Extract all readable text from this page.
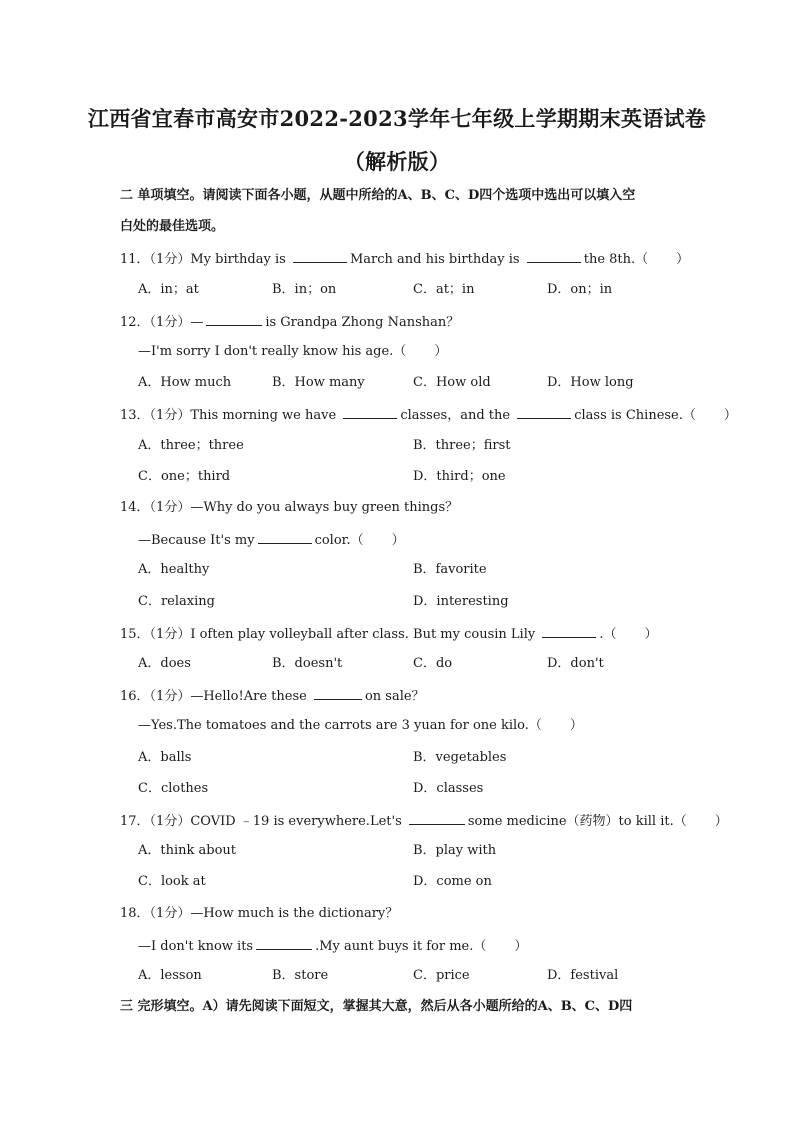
江西省宜春市高安市2022-2023学年七年级上学期期末英语试卷
（解析版）
二 单项填空。请阅读下面各小题，从题中所给的A、B、C、D四个选项中选出可以填入空
白处的最佳选项。
11．（1分）My birthday is	March and his birthday is	the 8th.（ ）
A．in；at	B．in；on	C．at；in	D．on；in
12．（1分）—	is Grandpa Zhong Nanshan？
—I'm sorry I don't really know his age.（ ）
A．How much	B．How many	C．How old	D．How long
13．（1分）This morning we have	classes，and the	class is Chinese.（ ）
A．three；three	B．three；first
C．one；third	D．third；one
14．（1分）—Why do you always buy green things？
—Because It's my	color.（ ）
A．healthy	B．favorite
C．relaxing	D．interesting
15．（1分）I often play volleyball after class. But my cousin Lily	.（ ）
A．does	B．doesn't	C．do	D．don't
16．（1分）—Hello!Are these	on sale？
—Yes.The tomatoes and the carrots are 3 yuan for one kilo.（ ）
A．balls	B．vegetables
C．clothes	D．classes
17．（1分）COVID ﹣19 is everywhere.Let's	some medicine（药物）to kill it.（ ）
A．think about	B．play with
C．look at	D．come on
18．（1分）—How much is the dictionary？
—I don't know its	.My aunt buys it for me.（ ）
A．lesson	B．store	C．price	D．festival
三 完形填空。A）请先阅读下面短文，掌握其大意，然后从各小题所给的A、B、C、D四
